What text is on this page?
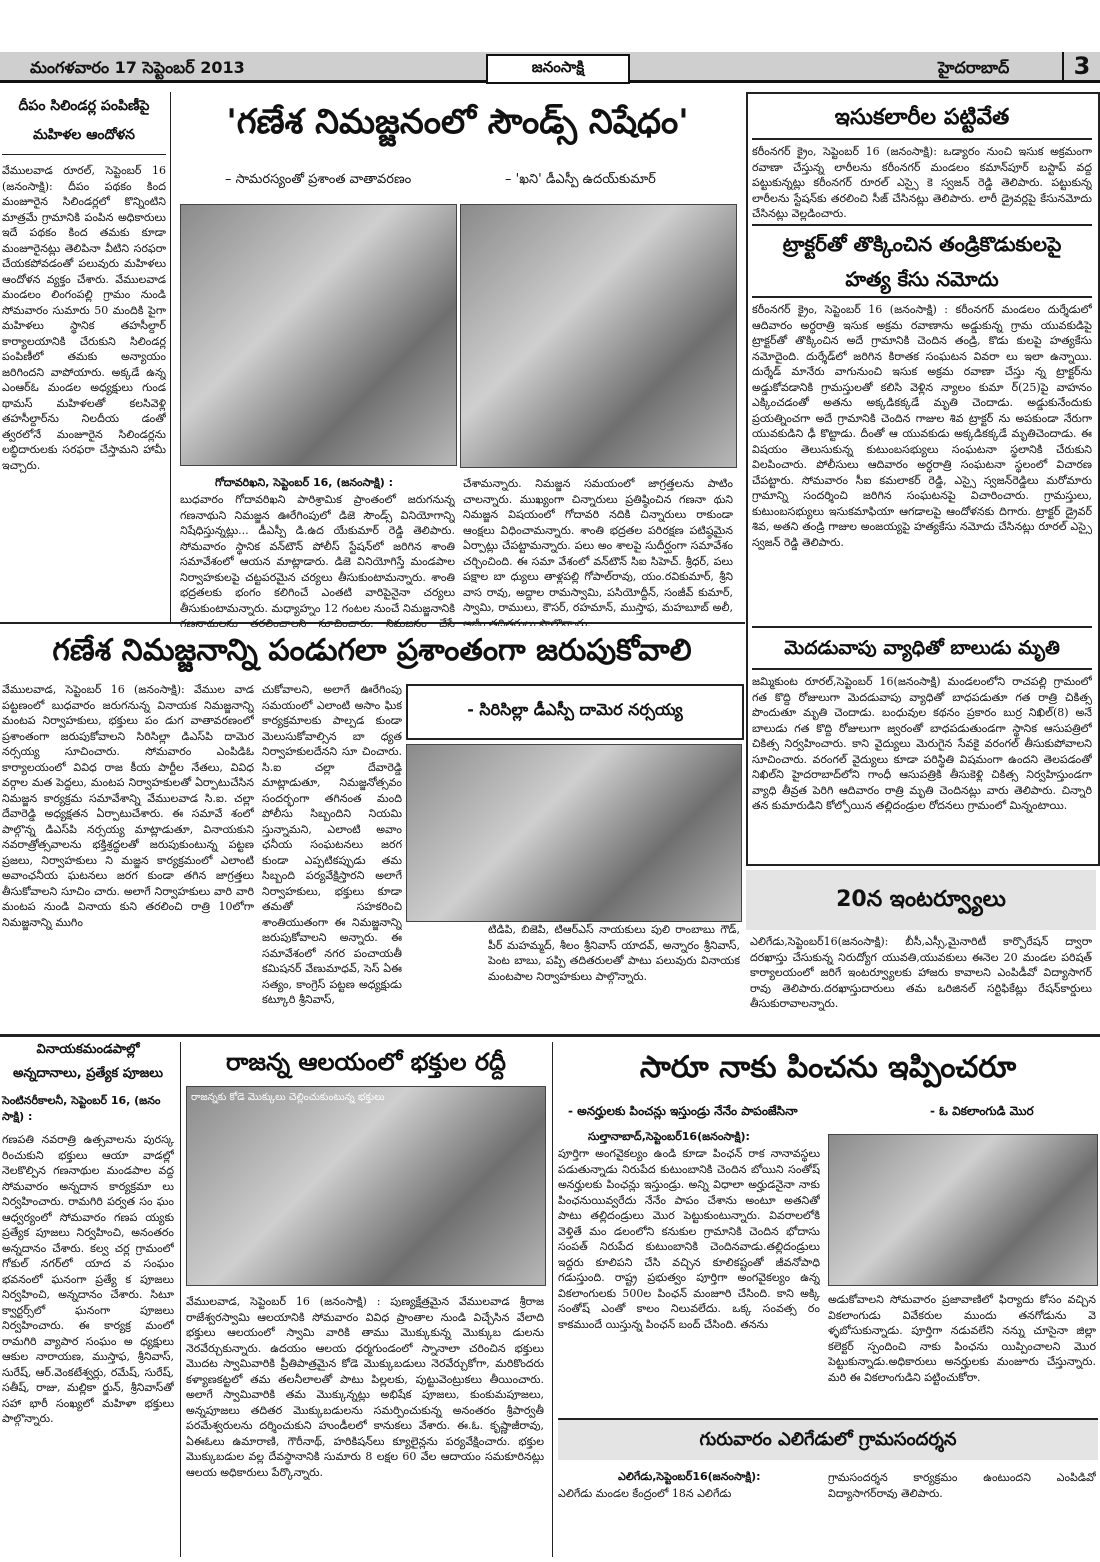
మంగళవారం 17 సెప్టెంబర్ 2013	జనంసాక్షి	హైదరాబాద్	3
దీపం సిలిండర్ల పంపిణీపై
మహిళల ఆందోళన

వేములవాడ రూరల్, సెప్టెంబర్ 16 (జనంసాక్షి): దీపం పథకం కింద మంజూరైన సిలిండర్లలో కొన్నింటిని మాత్రమే గ్రామానికి పంపిన అధికారులు ఇదే పథకం కింద తమకు కూడా మంజూరైనట్లు తెలిపినా వీటిని సరఫరా చేయకపోవడంతో పలువురు మహిళలు ఆందోళన వ్యక్తం చేశారు. వేములవాడ మండలం లింగంపల్లి గ్రామం నుండి సోమవారం సుమారు 50 మందికి పైగా మహిళలు స్థానిక తహసీల్దార్ కార్యాలయానికి చేరుకుని సిలిండర్ల పంపిణీలో తమకు అన్యాయం జరిగిందని వాపోయారు. అక్కడే ఉన్న ఎంఆర్ఓ మండల అధ్యక్షులు గుండ థామస్ మహిళలతో కలసివెళ్లి తహసీల్దార్‌ను నిలదీయ డంతో త్వరలోనే మంజూరైన సిలిండర్లను లబ్ధిదారులకు సరఫరా చేస్తామని హామీ ఇచ్చారు.

'గణేశ నిమజ్జనంలో సౌండ్స్ నిషేధం'
– సామరస్యంతో ప్రశాంత వాతావరణం	– 'ఖని' డీఎస్పీ ఉదయ్‌కుమార్
గోదావరిఖని, సెప్టెంబర్ 16, (జనంసాక్షి) :

బుధవారం గోదావరిఖని పారిశ్రామిక ప్రాంతంలో జరుగనున్న గణనాథుని నిమజ్జన ఊరేగింపులో డిజె సౌండ్స్ వినియోగాన్ని నిషేధిస్తున్నట్లు... డీఎస్పీ డి.ఉద యేకుమార్ రెడ్డి తెలిపారు. సోమవారం స్థానిక వన్‌టౌన్ పోలీస్ స్టేషన్‌లో జరిగిన శాంతి సమావేశంలో ఆయన మాట్లాడారు. డిజె వినియోగిస్తే మండపాల నిర్వాహకులపై చట్టపరమైన చర్యలు తీసుకుంటామన్నారు. శాంతి భద్రతలకు భంగం కలిగించే ఎంతటి వారిపైనైనా చర్యలు తీసుకుంటామన్నారు. మధ్యాహ్నం 12 గంటల నుంచే నిమజ్జనానికి

చేశామన్నారు. నిమజ్జన సమయంలో జాగ్రత్తలను పాటిం చాలన్నారు. ముఖ్యంగా చిన్నారులు ప్రతిష్ఠించిన గణనా థుని నిమజ్జన విషయంలో గోదావరి నదికి చిన్నారులు రాకుండా ఆంక్షలు విధించామన్నారు. శాంతి భద్రతల పరిరక్షణ పటిష్ఠమైన ఏర్పాట్లు చేపట్టామన్నారు. పలు అం శాలపై సుదీర్ఘంగా సమావేశం చర్చించింది. ఈ సమా వేశంలో వన్‌టౌన్ సిఐ సిహెచ్. శ్రీధర్, పలు పక్షాల బా ధ్యులు తాళ్లపల్లి గోపాల్‌రావు, యం.రవికుమార్, శ్రీని వాస రావు, అద్దాల రామస్వామి, పసియోద్దీన్, సంజీవ్ కుమార్, స్వామి, రాములు, కౌసర్, రహమాన్, ముస్తాఫ, మహబూబ్ అలీ,

ఇసుకలారీల పట్టివేత

కరీంనగర్ క్రైం, సెప్టెంబర్ 16 (జనంసాక్షి): ఒడ్యారం నుంచి ఇసుక అక్రమంగా రవాణా చేస్తున్న లారీలను కరీంనగర్ మండలం కమాన్‌పూర్ బస్టాప్ వద్ద పట్టుకున్నట్లు కరీంనగర్ రూరల్ ఎస్సై కె స్వజన్ రెడ్డి తెలిపారు. పట్టుకున్న లారీలను స్టేషన్‌కు తరలించి సీజ్ చేసినట్లు తెలిపారు. లారీ డ్రైవర్లపై కేసునమోదు చేసినట్లు వెల్లడించారు.

ట్రాక్టర్‌తో తొక్కించిన తండ్రికొడుకులపై
హత్య కేసు నమోదు

కరీంనగర్ క్రైం, సెప్టెంబర్ 16 (జనంసాక్షి) : కరీంనగర్ మండలం దుర్శేడులో ఆదివారం అర్ధరాత్రి ఇసుక అక్రమ రవాణాను అడ్డుకున్న గ్రామ యువకుడిపై ట్రాక్టర్‌తో తొక్కించిన అదే గ్రామానికి చెందిన తండ్రి, కొడు కులపై హత్యకేసు నమోదైంది. దుర్శేడ్‌లో జరిగిన కిరాతక సంఘటన వివరా లు ఇలా ఉన్నాయి. దుర్శేడ్ మానేరు వాగునుంచి ఇసుక అక్రమ రవాణా చేస్తు న్న ట్రాక్టర్‌ను అడ్డుకోవడానికి గ్రామస్తులతో కలిసి వెళ్లిన న్యాలం కుమా ర్(25)పై వాహనం ఎక్కించడంతో అతను అక్కడికక్కడే మృతి చెందాడు. అడ్డుకునేందుకు ప్రయత్నించగా అదే గ్రామానికి చెందిన గాజుల శివ ట్రాక్టర్ ను అపకుండా నేరుగా యువకుడిని ఢీ కొట్టాడు. దీంతో ఆ యువకుడు అక్కడికక్కడే మృతిచెందాడు. ఈ విషయం తెలుసుకున్న కుటుంబసభ్యులు సంఘటనా స్థలానికి చేరుకుని విలపించారు. పోలీసులు ఆదివారం అర్ధరాత్రి సంఘటనా స్థలంలో విచారణ చేపట్టారు. సోమవారం సీఐ కమలాకర్ రెడ్డి, ఎస్సై స్వజన్‌రెడ్డిలు మరోమారు గ్రామాన్ని సందర్శించి జరిగిన సంఘటనపై విచారించారు. గ్రామస్తులు, కుటుంబసభ్యులు ఇసుకమాఫియా ఆగడాలపై ఆందోళనకు దిగారు. ట్రాక్టర్ డ్రైవర్ శివ, అతని తండ్రి గాజుల అంజయ్యపై హత్యకేసు నమోదు చేసినట్లు రూరల్ ఎస్సై స్వజన్ రెడ్డి తెలిపారు.

మెదడువాపు వ్యాధితో బాలుడు మృతి

జమ్మికుంట రూరల్,సెప్టెంబర్ 16(జనంసాక్షి) మండలంలోని రాచపల్లి గ్రామంలో గత కొద్ది రోజులుగా మెదడువాపు వ్యాధితో బాధపడుతూ గత రాత్రి చికిత్స పొందుతూ మృతి చెందాడు. బంధువుల కథనం ప్రకారం బుర్ర నిఖిల్(8) అనే బాలుడు గత కొద్ది రోజులుగా జ్వరంతో బాధపడుతుండగా స్థానిక ఆసుపత్రిలో చికిత్స నిర్వహించారు. కాని వైద్యులు మెరుగైన సేవకై వరంగల్ తీసుకుపోవాలని సూచించారు. వరంగల్ వైద్యులు కూడా పరిస్థితి విషమంగా ఉందని తెలపడంతో నిఖిల్‌ని హైదరాబాద్‌లోని గాంధీ ఆసుపత్రికి తీసుకెళ్లి చికిత్స నిర్వహిస్తుండగా వ్యాధి తీవ్రత పెరిగి ఆదివారం రాత్రి మృతి చెందినట్లు వారు తెలిపారు. చిన్నారి తన కుమారుడిని కోల్పోయిన తల్లిదండ్రుల రోదనలు గ్రామంలో మిన్నంటాయి.

20న ఇంటర్వ్యూలు

ఎలిగేడు,సెప్టెంబర్16(జనంసాక్షి): బీసీ,ఎస్సీ,మైనారిటీ కార్పొరేషన్ ద్వారా దరఖాస్తు చేసుకున్న నిరుద్యోగ యువతి,యువకులు ఈనెల 20 మండల పరిషత్ కార్యాలయంలో జరిగే ఇంటర్వ్యూలకు హాజరు కావాలని ఎంపిడీవో విద్యాసాగర్ రావు తెలిపారు.దరఖాస్తుదారులు తమ ఒరిజినల్ సర్టిఫికేట్లు రేషన్‌కార్డులు తీసుకురావాలన్నారు.

గణేశ నిమజ్జనాన్ని పండుగలా ప్రశాంతంగా జరుపుకోవాలి

వేములవాడ, సెప్టెంబర్ 16 (జనంసాక్షి): వేముల వాడ పట్టణంలో బుధవారం జరుగనున్న వినాయక నిమజ్జనాన్ని మంటప నిర్వాహకులు, భక్తులు పం డుగ వాతావరణంలో ప్రశాంతంగా జరుపుకోవాలని సిరిసిల్లా డిఎస్‌పి దామెర నర్సయ్య సూచించారు. సోమవారం ఎంపిడిఓ కార్యాలయంలో వివిధ రాజ కీయ పార్టీల నేతలు, వివిధ వర్గాల మత పెద్దలు, మంటప నిర్వాహకులతో ఏర్పాటుచేసిన నిమజ్జన కార్యక్రమ సమావేశాన్ని వేములవాడ సి.ఐ. చల్లా దేవారెడ్డి అధ్యక్షతన ఏర్పాటుచేశారు. ఈ సమావే శంలో పాల్గొన్న డిఎస్‌పి నర్సయ్య మాట్లాడుతూ, వినాయకుని నవరాత్రోత్సవాలను భక్తిశ్రద్ధలతో జరుపుకుంటున్న పట్టణ ప్రజలు, నిర్వాహకులు ని మజ్జన కార్యక్రమంలో ఎలాంటి అవాంఛనీయ ఘటనలు జరగ కుండా తగిన జాగ్రత్తలు తీసుకోవాలని సూచిం చారు. అలాగే నిర్వాహకులు వారి వారి మంటప నుండి వినాయ కుని తరలించి రాత్రి 10లోగా నిమజ్జనాన్ని ముగిం

చుకోవాలని, అలాగే ఊరేగింపు సమయంలో ఎలాంటి అసాం ఘిక కార్యక్రమాలకు పాల్పడ కుండా మెలుసుకోవాల్సిన బా ధ్యత నిర్వాహకులదేనని సూ చించారు. సి.ఐ చల్లా దేవారెడ్డి మాట్లాడుతూ, నిమజ్జనోత్సవం సందర్భంగా తగినంత మంది పోలీసు సిబ్బందిని నియమి స్తున్నామని, ఎలాంటి అవాం ఛనీయ సంఘటనలు జరగ కుండా ఎప్పటికప్పుడు తమ సిబ్బంది పర్యవేక్షిస్తారని అలాగే నిర్వాహకులు, భక్తులు కూడా తమతో సహకరించి శాంతియుతంగా ఈ నిమజ్జనాన్ని జరుపుకోవాలని అన్నారు. ఈ సమావేశంలో నగర పంచాయతీ కమిషనర్ వేణుమాధవ్, సెస్ ఏఈ సత్యం, కాంగ్రెస్ పట్టణ అధ్యక్షుడు కట్కూరి శ్రీనివాస్,

- సిరిసిల్లా డీఎస్పీ దామెర నర్సయ్య

టిడిపి, బిజెపి, టిఆర్‌ఎస్ నాయకులు పులి రాంబాబు గౌడ్, పీర్ మహమ్మద్, శీలం శ్రీనివాస్ యాదవ్, అన్నారం శ్రీనివాస్, పెంట బాబు, పప్పి తదితరులతో పాటు పలువురు వినాయక మంటపాల నిర్వాహకులు పాల్గొన్నారు.

వినాయకమండపాల్లో
అన్నదానాలు, ప్రత్యేక పూజలు
సెంటినరీకాలనీ, సెప్టెంబర్ 16, (జనం సాక్షి) :

గణపతి నవరాత్రి ఉత్సవాలను పురస్క రించుకుని భక్తులు ఆయా వాడల్లో నెలకొల్పిన గణనాథుల మండపాల వద్ద సోమవారం అన్నదాన కార్యక్రమా లు నిర్వహించారు. రామగిరి పర్వత సం ఘం ఆధ్వర్యంలో సోమవారం గణప య్యకు ప్రత్యేక పూజలు నిర్వహించి, అనంతరం అన్నదానం చేశారు. కల్వ చర్ల గ్రామంలో గోకుల్ నగర్‌లో యాద వ సంఘం భవనంలో ఘనంగా ప్రత్యే క పూజలు నిర్వహించి, అన్నదానం చేశారు. సిటూ క్వార్టర్స్‌లో ఘనంగా పూజలు నిర్వహించారు. ఈ కార్యక్ర మంలో రామగిరి వ్యాపార సంఘం అ ధ్యక్షులు ఆకుల నారాయణ, ముస్తాఫ, శ్రీనివాస్, సురేష్, ఆర్.వెంకటేశ్వర్లు, రమేష్, సురేష్, సతీష్, రాజు, మల్లికా ర్జున్, శ్రీనివాస్‌తో సహా భారీ సంఖ్యలో మహిళా భక్తులు పాల్గొన్నారు.

రాజన్న ఆలయంలో భక్తుల రద్దీ
రాజన్నకు కోడె మొక్కులు చెల్లించుకుంటున్న భక్తులు

వేములవాడ, సెప్టెంబర్ 16 (జనంసాక్షి) : పుణ్యక్షేత్రమైన వేములవాడ శ్రీరాజ రాజేశ్వరస్వామి ఆలయానికి సోమవారం వివిధ ప్రాంతాల నుండి విచ్చేసిన వేలాది భక్తులు ఆలయంలో స్వామి వారికి తాము మొక్కుకున్న మొక్కుబ డులను నెరవేర్చుకున్నారు. ఉదయం ఆలయ ధర్మగుండంలో స్నానాలా చరించిన భక్తులు మొదట స్వామివారికి ప్రీతిపాత్రమైన కోడె మొక్కుబడులు నెరవేర్చుకోగా, మరికొందరు కళ్యాణకట్టలో తమ తలనీలాలతో పాటు పిల్లలకు, పుట్టువెంట్రుకలు తీయించారు. అలాగే స్వామివారికి తమ మొక్కున్నట్లు అభిషేక పూజలు, కుంకుమపూజలు, అన్నపూజలు తదితర మొక్కుబడులను సమర్పించుకున్న అనంతరం శ్రీపార్వతీ పరమేశ్వరులను దర్శించుకుని హుండీలలో కానుకలు వేశారు. ఈ.ఓ. కృష్ణాజీరావు, ఏఈఓలు ఉమారాణి, గౌరీనాథ్, హరికిషన్‌లు క్యూలైన్లను పర్యవేక్షించారు. భక్తుల మొక్కుబడుల వల్ల దేవస్థానానికి సుమారు 8 లక్షల 60 వేల ఆదాయం సమకూరినట్లు ఆలయ అధికారులు పేర్కొన్నారు.

సారూ నాకు పించను ఇప్పించరూ
- అనర్హులకు పించన్లు ఇస్తుండ్రు నేనేం పాపంజేసినా	- ఓ వికలాంగుడి మొర
సుల్తానాబాద్,సెప్టెంబర్16(జనంసాక్షి):

పూర్తిగా అంగవైకల్యం ఉండి కూడా పింఛన్ రాక నానావస్థలు పడుతున్నాడు నిరుపేద కుటుంబానికి చెందిన బోయిని సంతోష్ అనర్హులకు పింఛన్లు ఇస్తుండ్రు. అన్ని విధాలా అర్హుడనైనా నాకు పింఛనుయివ్వరేదు నేనేం పాపం చేశాను అంటూ అతనితో పాటు తల్లిదండ్రులు మొర పెట్టుకుంటున్నారు. వివరాలలోకి వెళ్తితే మం డలంలోని కనుకుల గ్రామానికి చెందిన భోదాసు సంపత్ నిరుపేద కుటుంబానికి చెందినవాడు.తల్లిదండ్రులు ఇద్దరు కూలిపని చేసి వచ్చిన కూలికష్టంతో జీవనోపాధి గడుస్తుంది. రాష్ట్ర ప్రభుత్వం పూర్తిగా అంగవైకల్యం ఉన్న వికలాంగులకు 500ల పింఛన్ మంజూరి చేసింది. కాని అక్కి సంతోష్ ఎంతో కాలం నిలువలేదు. ఒక్క సంవత్స రం కాకముందే యిస్తున్న పింఛన్ బంద్ చేసింది. తనను

అడుకోవాలని సోమవారం ప్రజావాణిలో ఫిర్యాదు కోసం వచ్చిన వికలాంగుడు వివేకరుల ముందు తనగోడును వె ళ్ళబోసుకున్నాడు. పూర్తిగా నడువలేని నన్ను చూసైనా జిల్లా కలెక్టర్ స్పందించి నాకు పింఛను యిప్పించాలని మొర పెట్టుకున్నాడు.అధికారులు అనర్హులకు మంజూరు చేస్తున్నారు. మరి ఈ వికలాంగుడిని పట్టించుకోరా.

గురువారం ఎలిగేడులో గ్రామసందర్శన
ఎలిగేడు,సెప్టెంబర్16(జనంసాక్షి):

ఎలిగేడు మండల కేంద్రంలో 18న ఎలిగేడు

గ్రామసందర్శన కార్యక్రమం ఉంటుందని ఎంపిడివో విద్యాసాగర్‌రావు తెలిపారు.
